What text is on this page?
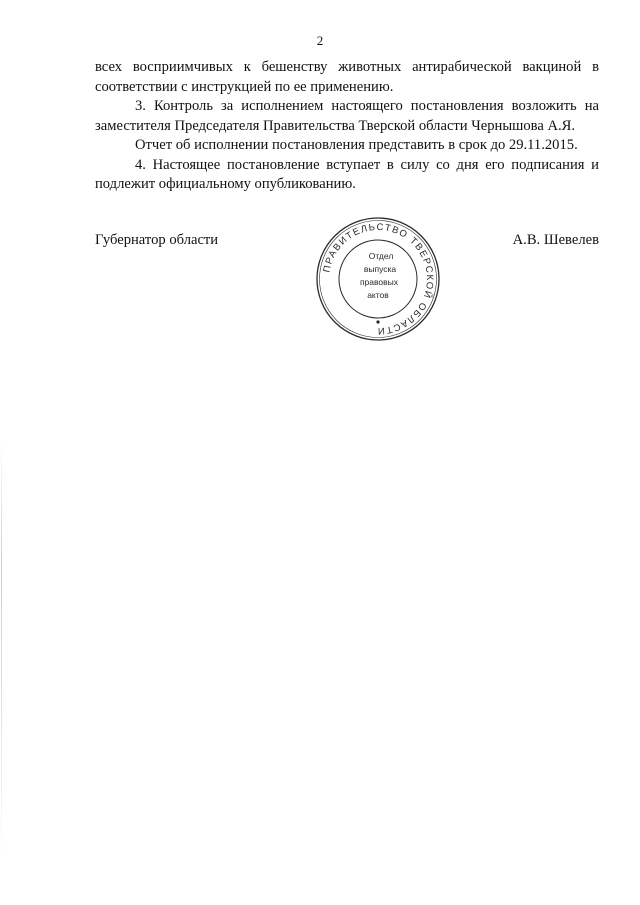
2

всех восприимчивых к бешенству животных антирабической вакциной в соответствии с инструкцией по ее применению.

3. Контроль за исполнением настоящего постановления возложить на заместителя Председателя Правительства Тверской области Чернышова А.Я.

Отчет об исполнении постановления представить в срок до 29.11.2015.

4. Настоящее постановление вступает в силу со дня его подписания и подлежит официальному опубликованию.

Губернатор области
ПРАВИТЕЛЬСТВО ТВЕРСКОЙ ОБЛАСТИ
Отдел
выпуска
правовых
актов
А.В. Шевелев
